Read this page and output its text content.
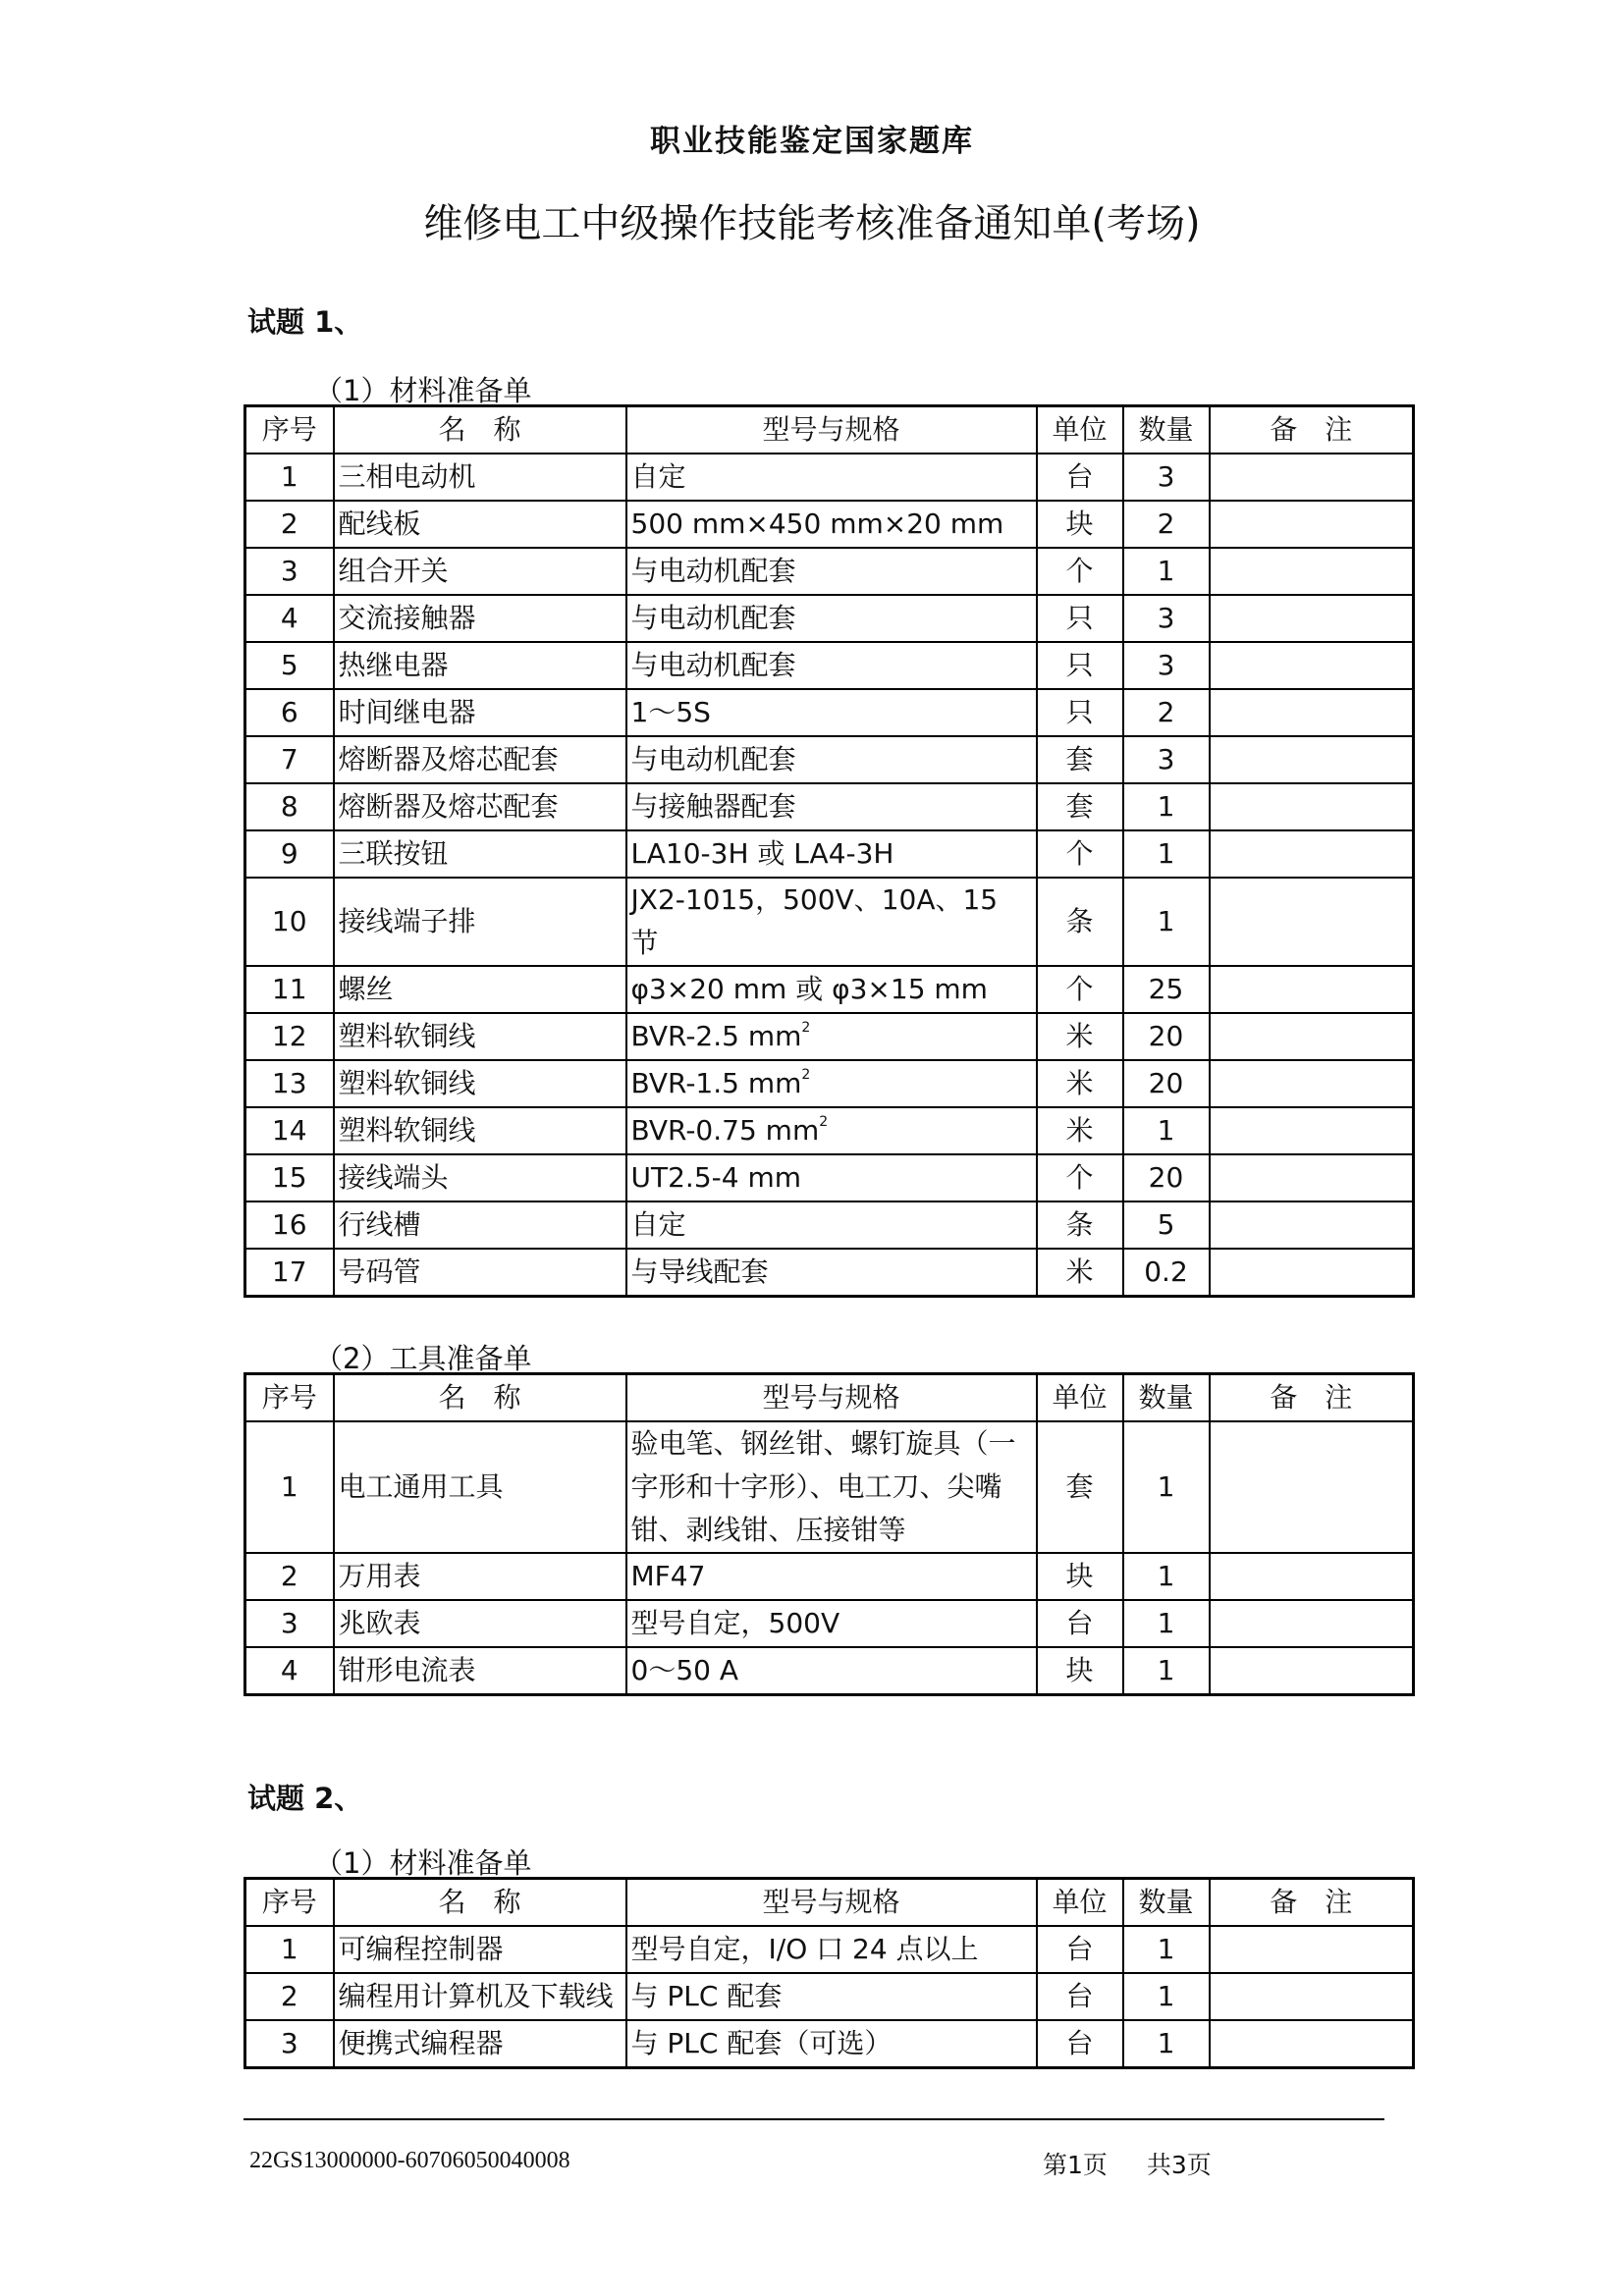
职业技能鉴定国家题库
维修电工中级操作技能考核准备通知单(考场)
试题 1、
（1）材料准备单
序号	名　称	型号与规格	单位	数量	备　注
1	三相电动机	自定	台	3	
2	配线板	500 mm×450 mm×20 mm	块	2	
3	组合开关	与电动机配套	个	1	
4	交流接触器	与电动机配套	只	3	
5	热继电器	与电动机配套	只	3	
6	时间继电器	1～5S	只	2	
7	熔断器及熔芯配套	与电动机配套	套	3	
8	熔断器及熔芯配套	与接触器配套	套	1	
9	三联按钮	LA10-3H 或 LA4-3H	个	1	
10	接线端子排	JX2-1015，500V、10A、15 节	条	1	
11	螺丝	φ3×20 mm 或 φ3×15 mm	个	25	
12	塑料软铜线	BVR-2.5 $mm^2$	米	20	
13	塑料软铜线	BVR-1.5 $mm^2$	米	20	
14	塑料软铜线	BVR-0.75 $mm^2$	米	1	
15	接线端头	UT2.5-4 mm	个	20	
16	行线槽	自定	条	5	
17	号码管	与导线配套	米	0.2	
（2）工具准备单
序号	名　称	型号与规格	单位	数量	备　注
1	电工通用工具	验电笔、钢丝钳、螺钉旋具（一字形和十字形）、电工刀、尖嘴钳、剥线钳、压接钳等	套	1	
2	万用表	MF47	块	1	
3	兆欧表	型号自定，500V	台	1	
4	钳形电流表	0～50 A	块	1	
试题 2、
（1）材料准备单
序号	名　称	型号与规格	单位	数量	备　注
1	可编程控制器	型号自定，I/O 口 24 点以上	台	1	
2	编程用计算机及下载线	与 PLC 配套	台	1	
3	便携式编程器	与 PLC 配套（可选）	台	1	
22GS13000000-60706050040008	第1页 共3页
